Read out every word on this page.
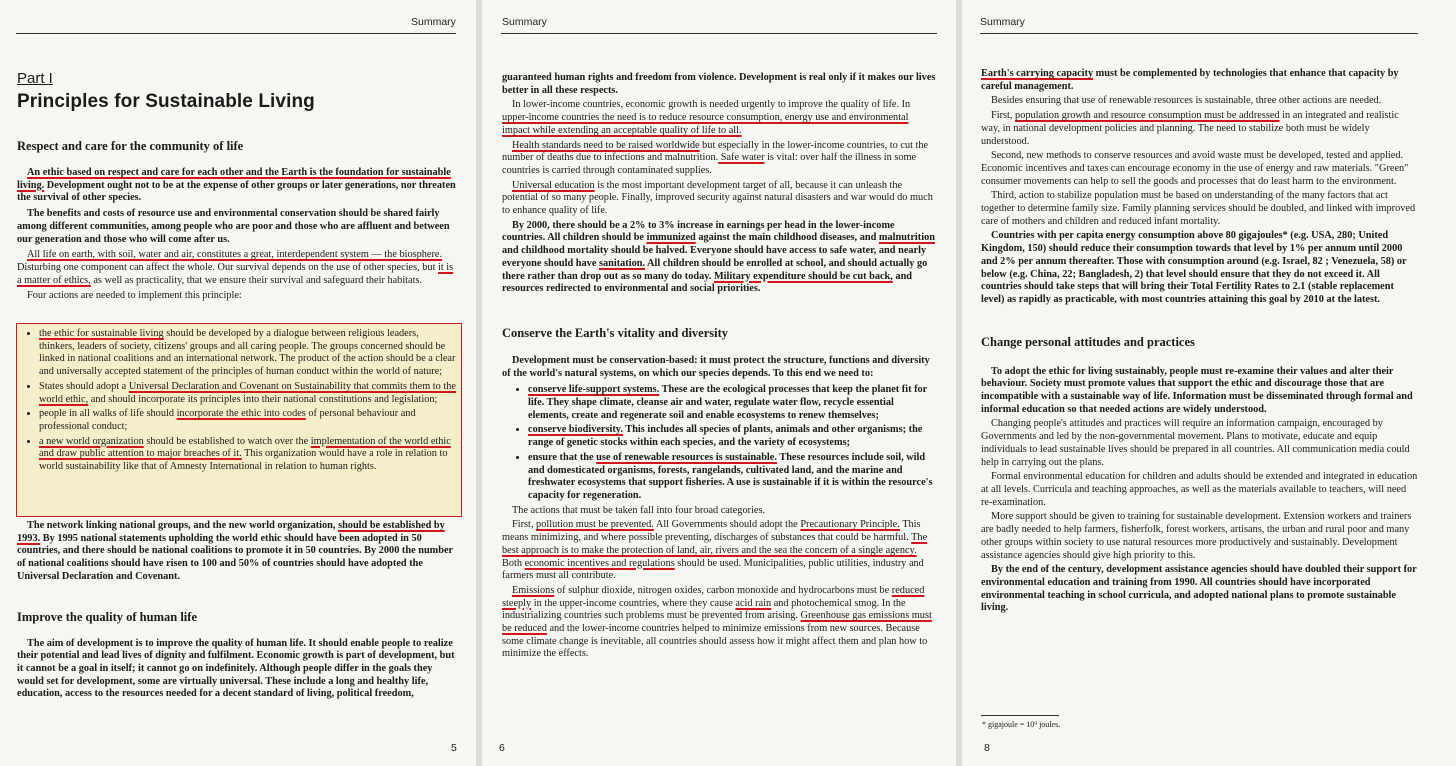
Summary
Part I
Principles for Sustainable Living
Respect and care for the community of life

An ethic based on respect and care for each other and the Earth is the foundation for sustainable living. Development ought not to be at the expense of other groups or later generations, nor threaten the survival of other species.

The benefits and costs of resource use and environmental conservation should be shared fairly among different communities, among people who are poor and those who are affluent and between our generation and those who will come after us.

All life on earth, with soil, water and air, constitutes a great, interdependent system — the biosphere. Disturbing one component can affect the whole. Our survival depends on the use of other species, but it is a matter of ethics, as well as practicality, that we ensure their survival and safeguard their habitats.

Four actions are needed to implement this principle:

• the ethic for sustainable living should be developed by a dialogue between religious leaders, thinkers, leaders of society, citizens' groups and all caring people. The groups concerned should be linked in national coalitions and an international network. The product of the action should be a clear and universally accepted statement of the principles of human conduct within the world of nature;
• States should adopt a Universal Declaration and Covenant on Sustainability that commits them to the world ethic, and should incorporate its principles into their national constitutions and legislation;
• people in all walks of life should incorporate the ethic into codes of personal behaviour and professional conduct;
• a new world organization should be established to watch over the implementation of the world ethic and draw public attention to major breaches of it. This organization would have a role in relation to world sustainability like that of Amnesty International in relation to human rights.

The network linking national groups, and the new world organization, should be established by 1993. By 1995 national statements upholding the world ethic should have been adopted in 50 countries, and there should be national coalitions to promote it in 50 countries. By 2000 the number of national coalitions should have risen to 100 and 50% of countries should have adopted the Universal Declaration and Covenant.

Improve the quality of human life

The aim of development is to improve the quality of human life. It should enable people to realize their potential and lead lives of dignity and fulfilment. Economic growth is part of development, but it cannot be a goal in itself; it cannot go on indefinitely. Although people differ in the goals they would set for development, some are virtually universal. These include a long and healthy life, education, access to the resources needed for a decent standard of living, political freedom,

5
Summary

guaranteed human rights and freedom from violence. Development is real only if it makes our lives better in all these respects.

In lower-income countries, economic growth is needed urgently to improve the quality of life. In upper-income countries the need is to reduce resource consumption, energy use and environmental impact while extending an acceptable quality of life to all.

Health standards need to be raised worldwide but especially in the lower-income countries, to cut the number of deaths due to infections and malnutrition. Safe water is vital: over half the illness in some countries is carried through contaminated supplies.

Universal education is the most important development target of all, because it can unleash the potential of so many people. Finally, improved security against natural disasters and war would do much to enhance quality of life.

By 2000, there should be a 2% to 3% increase in earnings per head in the lower-income countries. All children should be immunized against the main childhood diseases, and malnutrition and childhood mortality should be halved. Everyone should have access to safe water, and nearly everyone should have sanitation. All children should be enrolled at school, and should actually go there rather than drop out as so many do today. Military expenditure should be cut back, and resources redirected to environmental and social priorities.

Conserve the Earth's vitality and diversity

Development must be conservation-based: it must protect the structure, functions and diversity of the world's natural systems, on which our species depends. To this end we need to:

• conserve life-support systems. These are the ecological processes that keep the planet fit for life. They shape climate, cleanse air and water, regulate water flow, recycle essential elements, create and regenerate soil and enable ecosystems to renew themselves;
• conserve biodiversity. This includes all species of plants, animals and other organisms; the range of genetic stocks within each species, and the variety of ecosystems;
• ensure that the use of renewable resources is sustainable. These resources include soil, wild and domesticated organisms, forests, rangelands, cultivated land, and the marine and freshwater ecosystems that support fisheries. A use is sustainable if it is within the resource's capacity for regeneration.

The actions that must be taken fall into four broad categories.

First, pollution must be prevented. All Governments should adopt the Precautionary Principle. This means minimizing, and where possible preventing, discharges of substances that could be harmful. The best approach is to make the protection of land, air, rivers and the sea the concern of a single agency. Both economic incentives and regulations should be used. Municipalities, public utilities, industry and farmers must all contribute.

Emissions of sulphur dioxide, nitrogen oxides, carbon monoxide and hydrocarbons must be reduced steeply in the upper-income countries, where they cause acid rain and photochemical smog. In the industrializing countries such problems must be prevented from arising. Greenhouse gas emissions must be reduced and the lower-income countries helped to minimize emissions from new sources. Because some climate change is inevitable, all countries should assess how it might affect them and plan how to minimize the effects.

6
Summary

Earth's carrying capacity must be complemented by technologies that enhance that capacity by careful management.

Besides ensuring that use of renewable resources is sustainable, three other actions are needed.

First, population growth and resource consumption must be addressed in an integrated and realistic way, in national development policies and planning. The need to stabilize both must be widely understood.

Second, new methods to conserve resources and avoid waste must be developed, tested and applied. Economic incentives and taxes can encourage economy in the use of energy and raw materials. "Green" consumer movements can help to sell the goods and processes that do least harm to the environment.

Third, action to stabilize population must be based on understanding of the many factors that act together to determine family size. Family planning services should be doubled, and linked with improved care of mothers and children and reduced infant mortality.

Countries with per capita energy consumption above 80 gigajoules* (e.g. USA, 280; United Kingdom, 150) should reduce their consumption towards that level by 1% per annum until 2000 and 2% per annum thereafter. Those with consumption around (e.g. Israel, 82 ; Venezuela, 58) or below (e.g. China, 22; Bangladesh, 2) that level should ensure that they do not exceed it. All countries should take steps that will bring their Total Fertility Rates to 2.1 (stable replacement level) as rapidly as practicable, with most countries attaining this goal by 2010 at the latest.

Change personal attitudes and practices

To adopt the ethic for living sustainably, people must re-examine their values and alter their behaviour. Society must promote values that support the ethic and discourage those that are incompatible with a sustainable way of life. Information must be disseminated through formal and informal education so that needed actions are widely understood.

Changing people's attitudes and practices will require an information campaign, encouraged by Governments and led by the non-governmental movement. Plans to motivate, educate and equip individuals to lead sustainable lives should be prepared in all countries. All communication media could help in carrying out the plans.

Formal environmental education for children and adults should be extended and integrated in education at all levels. Curricula and teaching approaches, as well as the materials available to teachers, will need re-examination.

More support should be given to training for sustainable development. Extension workers and trainers are badly needed to help farmers, fisherfolk, forest workers, artisans, the urban and rural poor and many other groups within society to use natural resources more productively and sustainably. Development assistance agencies should give high priority to this.

By the end of the century, development assistance agencies should have doubled their support for environmental education and training from 1990. All countries should have incorporated environmental teaching in school curricula, and adopted national plans to promote sustainable living.

* gigajoule = 10⁹ joules.
8
